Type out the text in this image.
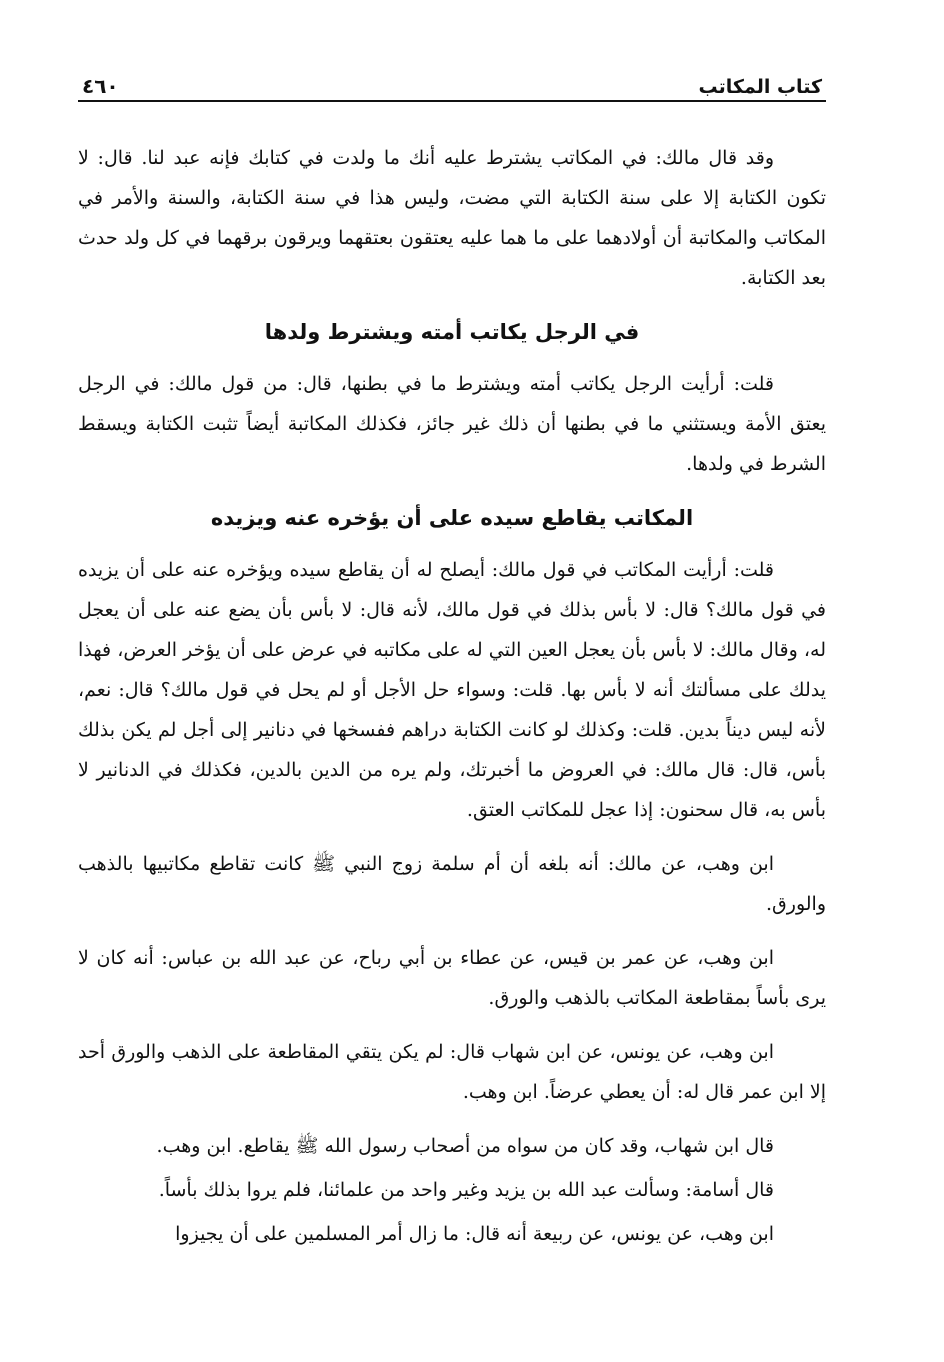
كتاب المكاتب
٤٦٠

وقد قال مالك: في المكاتب يشترط عليه أنك ما ولدت في كتابك فإنه عبد لنا. قال: لا تكون الكتابة إلا على سنة الكتابة التي مضت، وليس هذا في سنة الكتابة، والسنة والأمر في المكاتب والمكاتبة أن أولادهما على ما هما عليه يعتقون بعتقهما ويرقون برقهما في كل ولد حدث بعد الكتابة.

في الرجل يكاتب أمته ويشترط ولدها

قلت: أرأيت الرجل يكاتب أمته ويشترط ما في بطنها، قال: من قول مالك: في الرجل يعتق الأمة ويستثني ما في بطنها أن ذلك غير جائز، فكذلك المكاتبة أيضاً تثبت الكتابة ويسقط الشرط في ولدها.

المكاتب يقاطع سيده على أن يؤخره عنه ويزيده

قلت: أرأيت المكاتب في قول مالك: أيصلح له أن يقاطع سيده ويؤخره عنه على أن يزيده في قول مالك؟ قال: لا بأس بذلك في قول مالك، لأنه قال: لا بأس بأن يضع عنه على أن يعجل له، وقال مالك: لا بأس بأن يعجل العين التي له على مكاتبه في عرض على أن يؤخر العرض، فهذا يدلك على مسألتك أنه لا بأس بها. قلت: وسواء حل الأجل أو لم يحل في قول مالك؟ قال: نعم، لأنه ليس ديناً بدين. قلت: وكذلك لو كانت الكتابة دراهم ففسخها في دنانير إلى أجل لم يكن بذلك بأس، قال: قال مالك: في العروض ما أخبرتك، ولم يره من الدين بالدين، فكذلك في الدنانير لا بأس به، قال سحنون: إذا عجل للمكاتب العتق.

ابن وهب، عن مالك: أنه بلغه أن أم سلمة زوج النبي ﷺ كانت تقاطع مكاتبيها بالذهب والورق.

ابن وهب، عن عمر بن قيس، عن عطاء بن أبي رباح، عن عبد الله بن عباس: أنه كان لا يرى بأساً بمقاطعة المكاتب بالذهب والورق.

ابن وهب، عن يونس، عن ابن شهاب قال: لم يكن يتقي المقاطعة على الذهب والورق أحد إلا ابن عمر قال له: أن يعطي عرضاً. ابن وهب.

قال ابن شهاب، وقد كان من سواه من أصحاب رسول الله ﷺ يقاطع. ابن وهب.

قال أسامة: وسألت عبد الله بن يزيد وغير واحد من علمائنا، فلم يروا بذلك بأساً.

ابن وهب، عن يونس، عن ربيعة أنه قال: ما زال أمر المسلمين على أن يجيزوا
